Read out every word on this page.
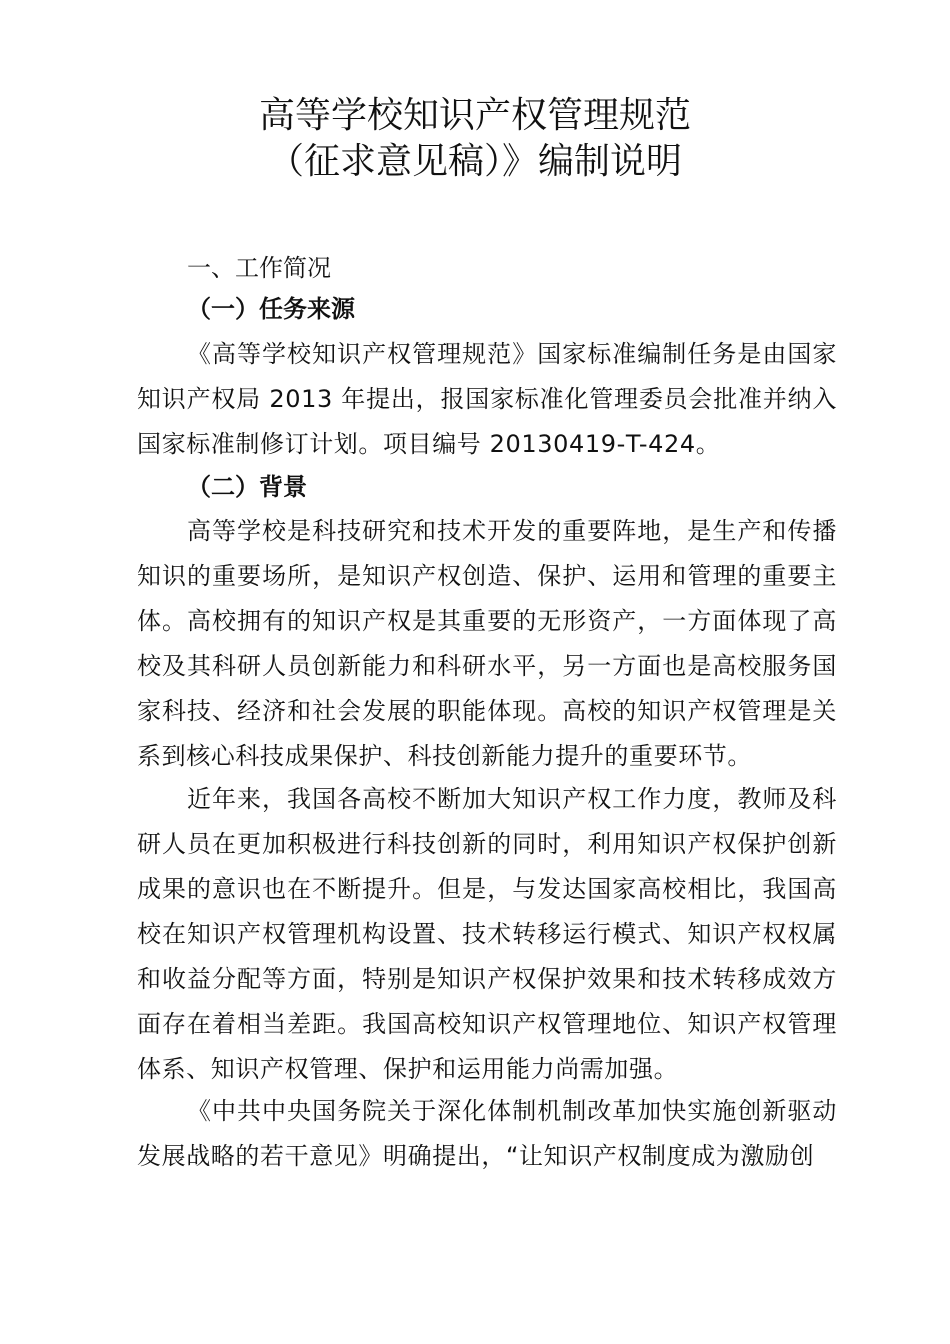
高等学校知识产权管理规范
（征求意见稿）》编制说明

一、工作简况

（一）任务来源

《高等学校知识产权管理规范》国家标准编制任务是由国家知识产权局 2013 年提出，报国家标准化管理委员会批准并纳入国家标准制修订计划。项目编号 20130419-T-424。

（二）背景

高等学校是科技研究和技术开发的重要阵地，是生产和传播知识的重要场所，是知识产权创造、保护、运用和管理的重要主体。高校拥有的知识产权是其重要的无形资产，一方面体现了高校及其科研人员创新能力和科研水平，另一方面也是高校服务国家科技、经济和社会发展的职能体现。高校的知识产权管理是关系到核心科技成果保护、科技创新能力提升的重要环节。

近年来，我国各高校不断加大知识产权工作力度，教师及科研人员在更加积极进行科技创新的同时，利用知识产权保护创新成果的意识也在不断提升。但是，与发达国家高校相比，我国高校在知识产权管理机构设置、技术转移运行模式、知识产权权属和收益分配等方面，特别是知识产权保护效果和技术转移成效方面存在着相当差距。我国高校知识产权管理地位、知识产权管理体系、知识产权管理、保护和运用能力尚需加强。

《中共中央国务院关于深化体制机制改革加快实施创新驱动发展战略的若干意见》明确提出，“让知识产权制度成为激励创
